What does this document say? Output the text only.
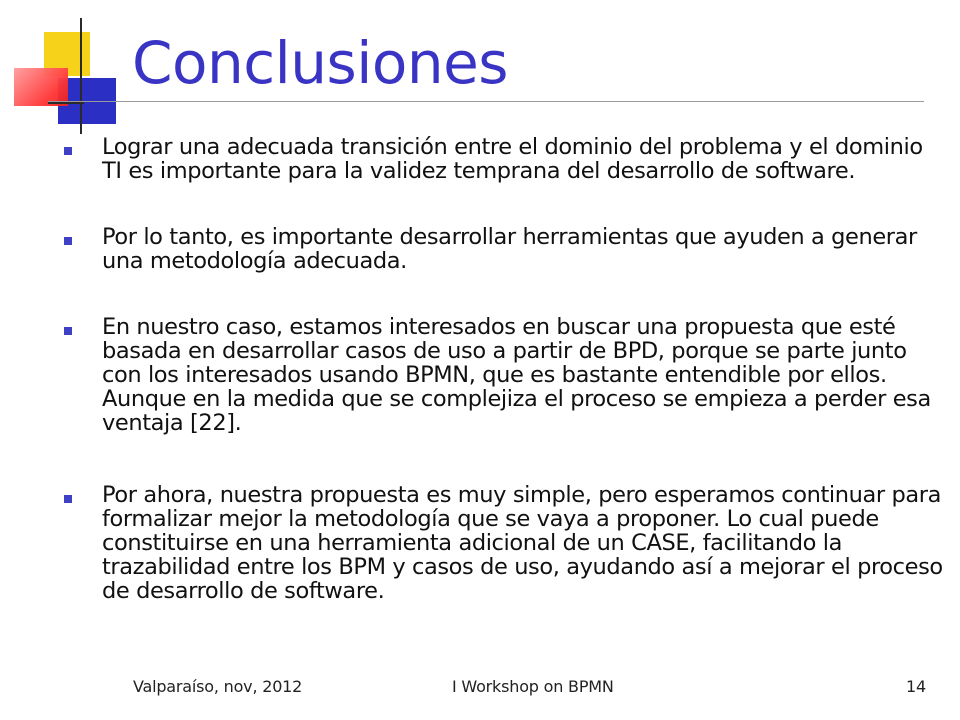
Conclusiones
Lograr una adecuada transición entre el dominio del problema y el dominio TI es importante para la validez temprana del desarrollo de software.
Por lo tanto, es importante desarrollar herramientas que ayuden a generar una metodología adecuada.
En nuestro caso, estamos interesados en buscar una propuesta que esté basada en desarrollar casos de uso a partir de BPD, porque se parte junto con los interesados usando BPMN, que es bastante entendible por ellos. Aunque en la medida que se complejiza el proceso se empieza a perder esa ventaja [22].
Por ahora, nuestra propuesta es muy simple, pero esperamos continuar para formalizar mejor la metodología que se vaya a proponer. Lo cual puede constituirse en una herramienta adicional de un CASE, facilitando la trazabilidad entre los BPM y casos de uso, ayudando así a mejorar el proceso de desarrollo de software.
Valparaíso, nov, 2012	I Workshop on BPMN	14
